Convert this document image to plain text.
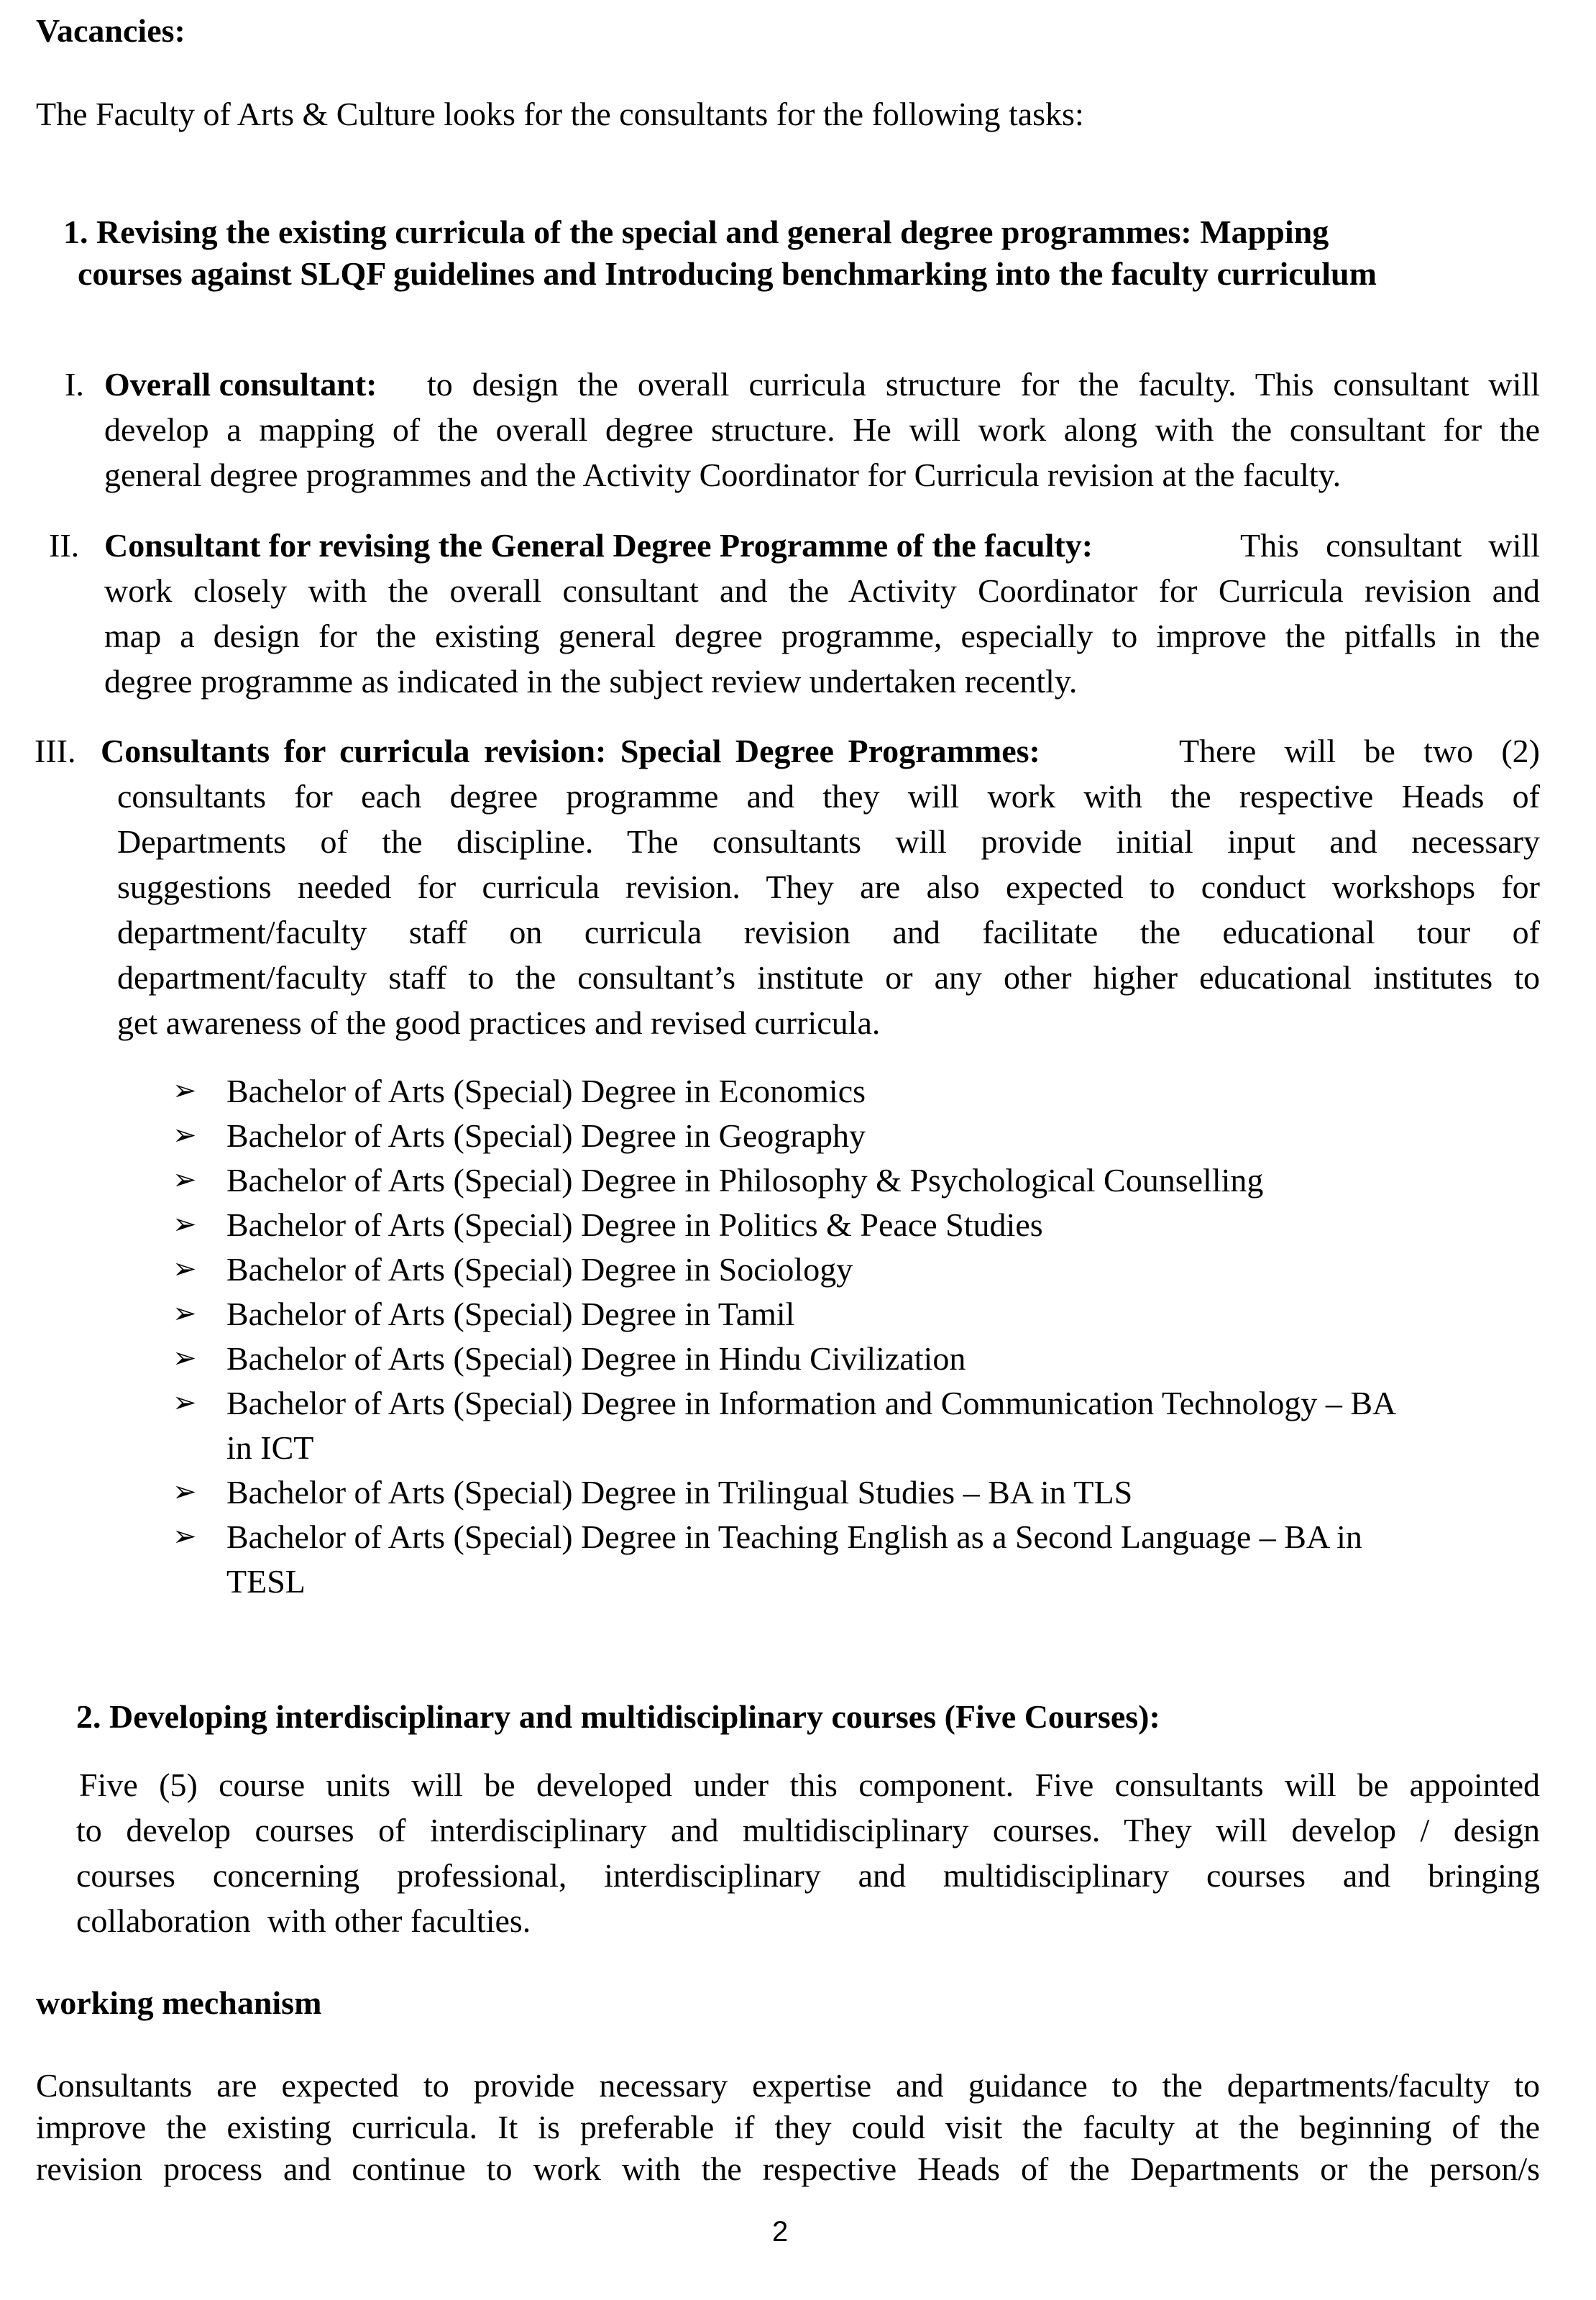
Vacancies:
The Faculty of Arts & Culture looks for the consultants for the following tasks:
1. Revising the existing curricula of the special and general degree programmes: Mapping
courses against SLQF guidelines and Introducing benchmarking into the faculty curriculum
I. Overall consultant: to design the overall curricula structure for the faculty. This consultant will
develop a mapping of the overall degree structure. He will work along with the consultant for the
general degree programmes and the Activity Coordinator for Curricula revision at the faculty.
II. Consultant for revising the General Degree Programme of the faculty:	This consultant will
work closely with the overall consultant and the Activity Coordinator for Curricula revision and
map a design for the existing general degree programme, especially to improve the pitfalls in the
degree programme as indicated in the subject review undertaken recently.
III. Consultants for curricula revision: Special Degree Programmes:	There will be two (2)
consultants for each degree programme and they will work with the respective Heads of
Departments of the discipline. The consultants will provide initial input and necessary
suggestions needed for curricula revision. They are also expected to conduct workshops for
department/faculty staff on curricula revision and facilitate the educational tour of
department/faculty staff to the consultant’s institute or any other higher educational institutes to
get awareness of the good practices and revised curricula.
➢ Bachelor of Arts (Special) Degree in Economics
➢ Bachelor of Arts (Special) Degree in Geography
➢ Bachelor of Arts (Special) Degree in Philosophy & Psychological Counselling
➢ Bachelor of Arts (Special) Degree in Politics & Peace Studies
➢ Bachelor of Arts (Special) Degree in Sociology
➢ Bachelor of Arts (Special) Degree in Tamil
➢ Bachelor of Arts (Special) Degree in Hindu Civilization
➢ Bachelor of Arts (Special) Degree in Information and Communication Technology – BA
in ICT
➢ Bachelor of Arts (Special) Degree in Trilingual Studies – BA in TLS
➢ Bachelor of Arts (Special) Degree in Teaching English as a Second Language – BA in
TESL
2. Developing interdisciplinary and multidisciplinary courses (Five Courses):
Five (5) course units will be developed under this component. Five consultants will be appointed
to develop courses of interdisciplinary and multidisciplinary courses. They will develop / design
courses concerning professional, interdisciplinary and multidisciplinary courses and bringing
collaboration  with other faculties.
working mechanism
Consultants are expected to provide necessary expertise and guidance to the departments/faculty to
improve the existing curricula. It is preferable if they could visit the faculty at the beginning of the
revision process and continue to work with the respective Heads of the Departments or the person/s
2
